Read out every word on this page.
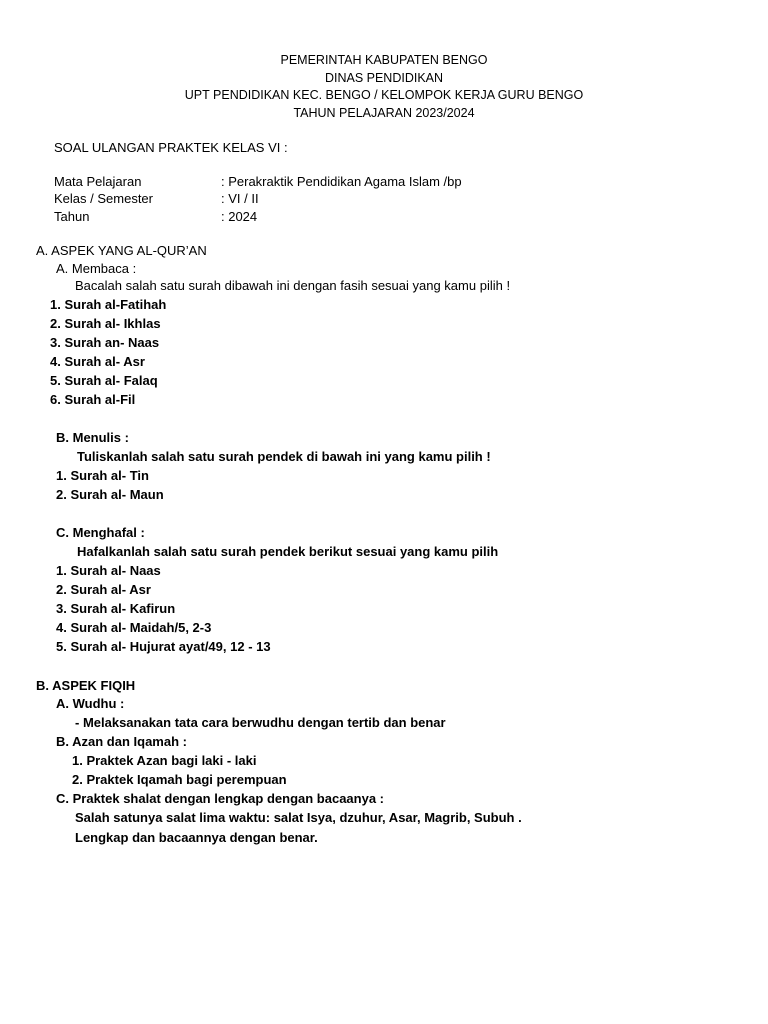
PEMERINTAH KABUPATEN BENGO
DINAS PENDIDIKAN
UPT PENDIDIKAN KEC. BENGO / KELOMPOK KERJA GURU BENGO
TAHUN PELAJARAN 2023/2024
SOAL ULANGAN PRAKTEK KELAS VI :
Mata Pelajaran	: Perakraktik Pendidikan Agama Islam /bp
Kelas / Semester	: VI / II
Tahun	: 2024
A. ASPEK YANG AL-QUR’AN
A. Membaca :
Bacalah salah satu surah dibawah ini dengan fasih sesuai yang kamu pilih !
1. Surah al-Fatihah
2. Surah al- Ikhlas
3. Surah an- Naas
4. Surah al- Asr
5. Surah al- Falaq
6. Surah al-Fil
B. Menulis :
Tuliskanlah salah satu surah pendek di bawah ini yang kamu pilih !
1. Surah al- Tin
2. Surah al- Maun
C. Menghafal :
Hafalkanlah salah satu surah pendek berikut sesuai yang kamu pilih
1. Surah al- Naas
2. Surah al- Asr
3. Surah al- Kafirun
4. Surah al- Maidah/5, 2-3
5. Surah al- Hujurat ayat/49, 12 - 13
B. ASPEK FIQIH
A. Wudhu :
- Melaksanakan tata cara berwudhu dengan tertib dan benar
B. Azan dan Iqamah :
1. Praktek Azan bagi laki - laki
2. Praktek Iqamah bagi perempuan
C. Praktek shalat dengan lengkap dengan bacaanya :
Salah satunya salat lima waktu: salat Isya, dzuhur, Asar, Magrib, Subuh .
Lengkap dan bacaannya dengan benar.
